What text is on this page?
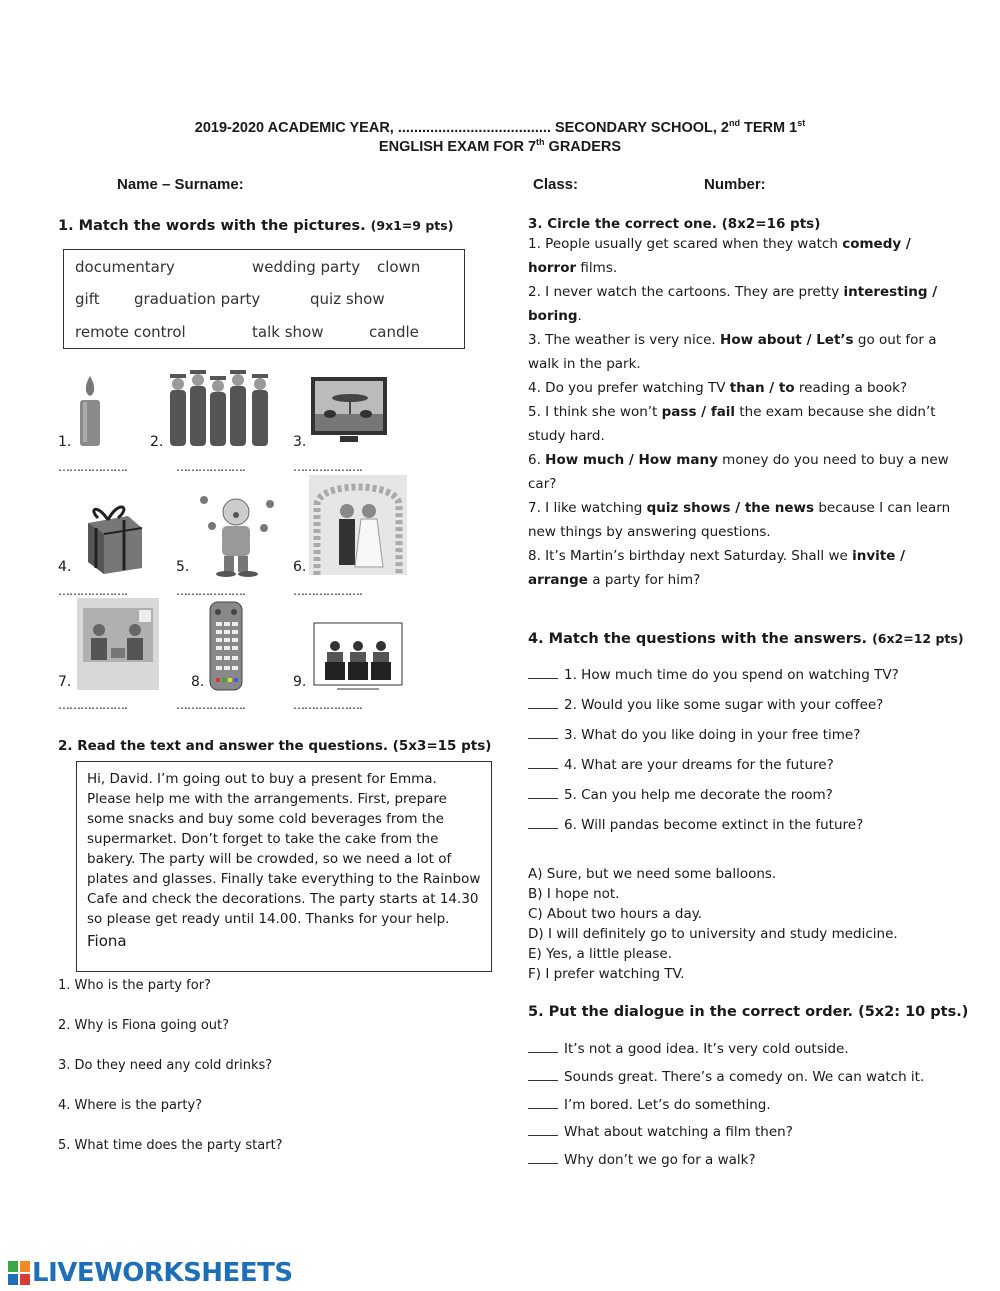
2019-2020 ACADEMIC YEAR, ...................................... SECONDARY SCHOOL, 2nd TERM 1st
ENGLISH EXAM FOR 7th GRADERS
Name – Surname:	Class:	Number:
1. Match the words with the pictures. (9x1=9 pts)
documentary	wedding party clown
gift graduation party	quiz show
remote control	talk show	candle
1.	2.	3.
4.	5.	6.
7.	8.	9.
……………….	……………….	……………….
……………….	……………….	……………….
……………….	……………….	……………….
2. Read the text and answer the questions. (5x3=15 pts)
Hi, David. I’m going out to buy a present for Emma. Please help me with the arrangements. First, prepare some snacks and buy some cold beverages from the supermarket. Don’t forget to take the cake from the bakery. The party will be crowded, so we need a lot of plates and glasses. Finally take everything to the Rainbow Cafe and check the decorations. The party starts at 14.30 so please get ready until 14.00. Thanks for your help.
Fiona
1. Who is the party for?
2. Why is Fiona going out?
3. Do they need any cold drinks?
4. Where is the party?
5. What time does the party start?
3. Circle the correct one. (8x2=16 pts)
1. People usually get scared when they watch comedy / horror films.
2. I never watch the cartoons. They are pretty interesting / boring.
3. The weather is very nice. How about / Let’s go out for a walk in the park.
4. Do you prefer watching TV than / to reading a book?
5. I think she won’t pass / fail the exam because she didn’t study hard.
6. How much / How many money do you need to buy a new car?
7. I like watching quiz shows / the news because I can learn new things by answering questions.
8. It’s Martin’s birthday next Saturday. Shall we invite / arrange a party for him?
4. Match the questions with the answers. (6x2=12 pts)
1. How much time do you spend on watching TV?
2. Would you like some sugar with your coffee?
3. What do you like doing in your free time?
4. What are your dreams for the future?
5. Can you help me decorate the room?
6. Will pandas become extinct in the future?
A) Sure, but we need some balloons.
B) I hope not.
C) About two hours a day.
D) I will definitely go to university and study medicine.
E) Yes, a little please.
F) I prefer watching TV.
5. Put the dialogue in the correct order. (5x2: 10 pts.)
It’s not a good idea. It’s very cold outside.
Sounds great. There’s a comedy on. We can watch it.
I’m bored. Let’s do something.
What about watching a film then?
Why don’t we go for a walk?
LIVEWORKSHEETS
